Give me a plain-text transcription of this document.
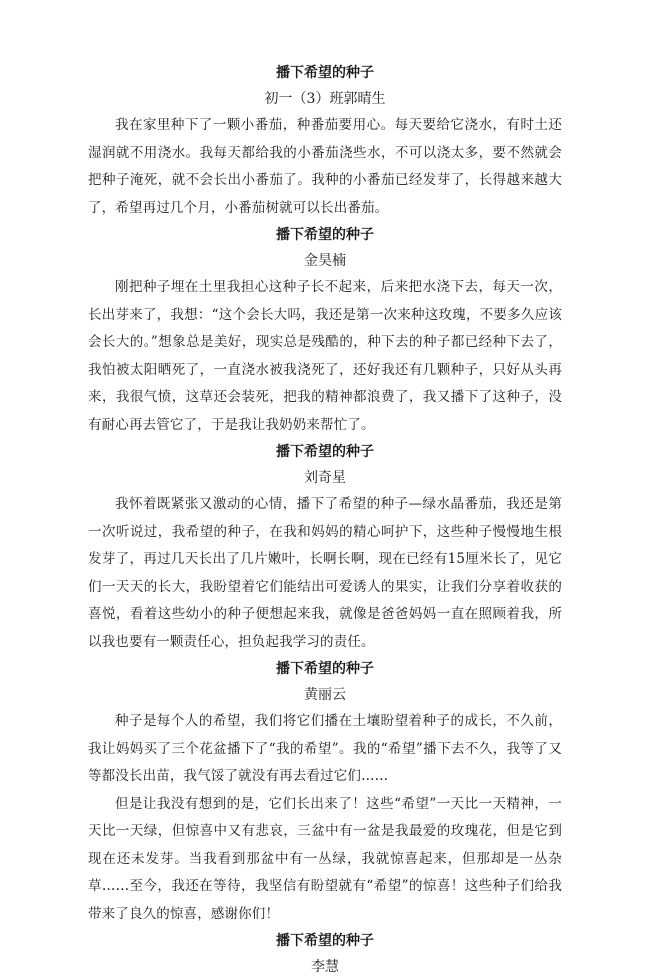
播下希望的种子
初一（3）班郭晴生

我在家里种下了一颗小番茄，种番茄要用心。每天要给它浇水，有时土还湿润就不用浇水。我每天都给我的小番茄浇些水，不可以浇太多，要不然就会把种子淹死，就不会长出小番茄了。我种的小番茄已经发芽了，长得越来越大了，希望再过几个月，小番茄树就可以长出番茄。

播下希望的种子
金昊楠

刚把种子埋在土里我担心这种子长不起来，后来把水浇下去，每天一次，长出芽来了，我想：“这个会长大吗，我还是第一次来种这玫瑰，不要多久应该会长大的。”想象总是美好，现实总是残酷的，种下去的种子都已经种下去了，我怕被太阳晒死了，一直浇水被我浇死了，还好我还有几颗种子，只好从头再来，我很气愤，这草还会装死，把我的精神都浪费了，我又播下了这种子，没有耐心再去管它了，于是我让我奶奶来帮忙了。

播下希望的种子
刘奇星

我怀着既紧张又激动的心情，播下了希望的种子—绿水晶番茄，我还是第一次听说过，我希望的种子，在我和妈妈的精心呵护下，这些种子慢慢地生根发芽了，再过几天长出了几片嫩叶，长啊长啊，现在已经有15厘米长了，见它们一天天的长大，我盼望着它们能结出可爱诱人的果实，让我们分享着收获的喜悦，看着这些幼小的种子便想起来我，就像是爸爸妈妈一直在照顾着我，所以我也要有一颗责任心，担负起我学习的责任。

播下希望的种子
黄丽云

种子是每个人的希望，我们将它们播在土壤盼望着种子的成长，不久前，我让妈妈买了三个花盆播下了“我的希望”。我的“希望”播下去不久，我等了又等都没长出苗，我气馁了就没有再去看过它们……

但是让我没有想到的是，它们长出来了！这些“希望”一天比一天精神，一天比一天绿，但惊喜中又有悲哀，三盆中有一盆是我最爱的玫瑰花，但是它到现在还未发芽。当我看到那盆中有一丛绿，我就惊喜起来，但那却是一丛杂草……至今，我还在等待，我坚信有盼望就有“希望”的惊喜！这些种子们给我带来了良久的惊喜，感谢你们！

播下希望的种子
李慧
